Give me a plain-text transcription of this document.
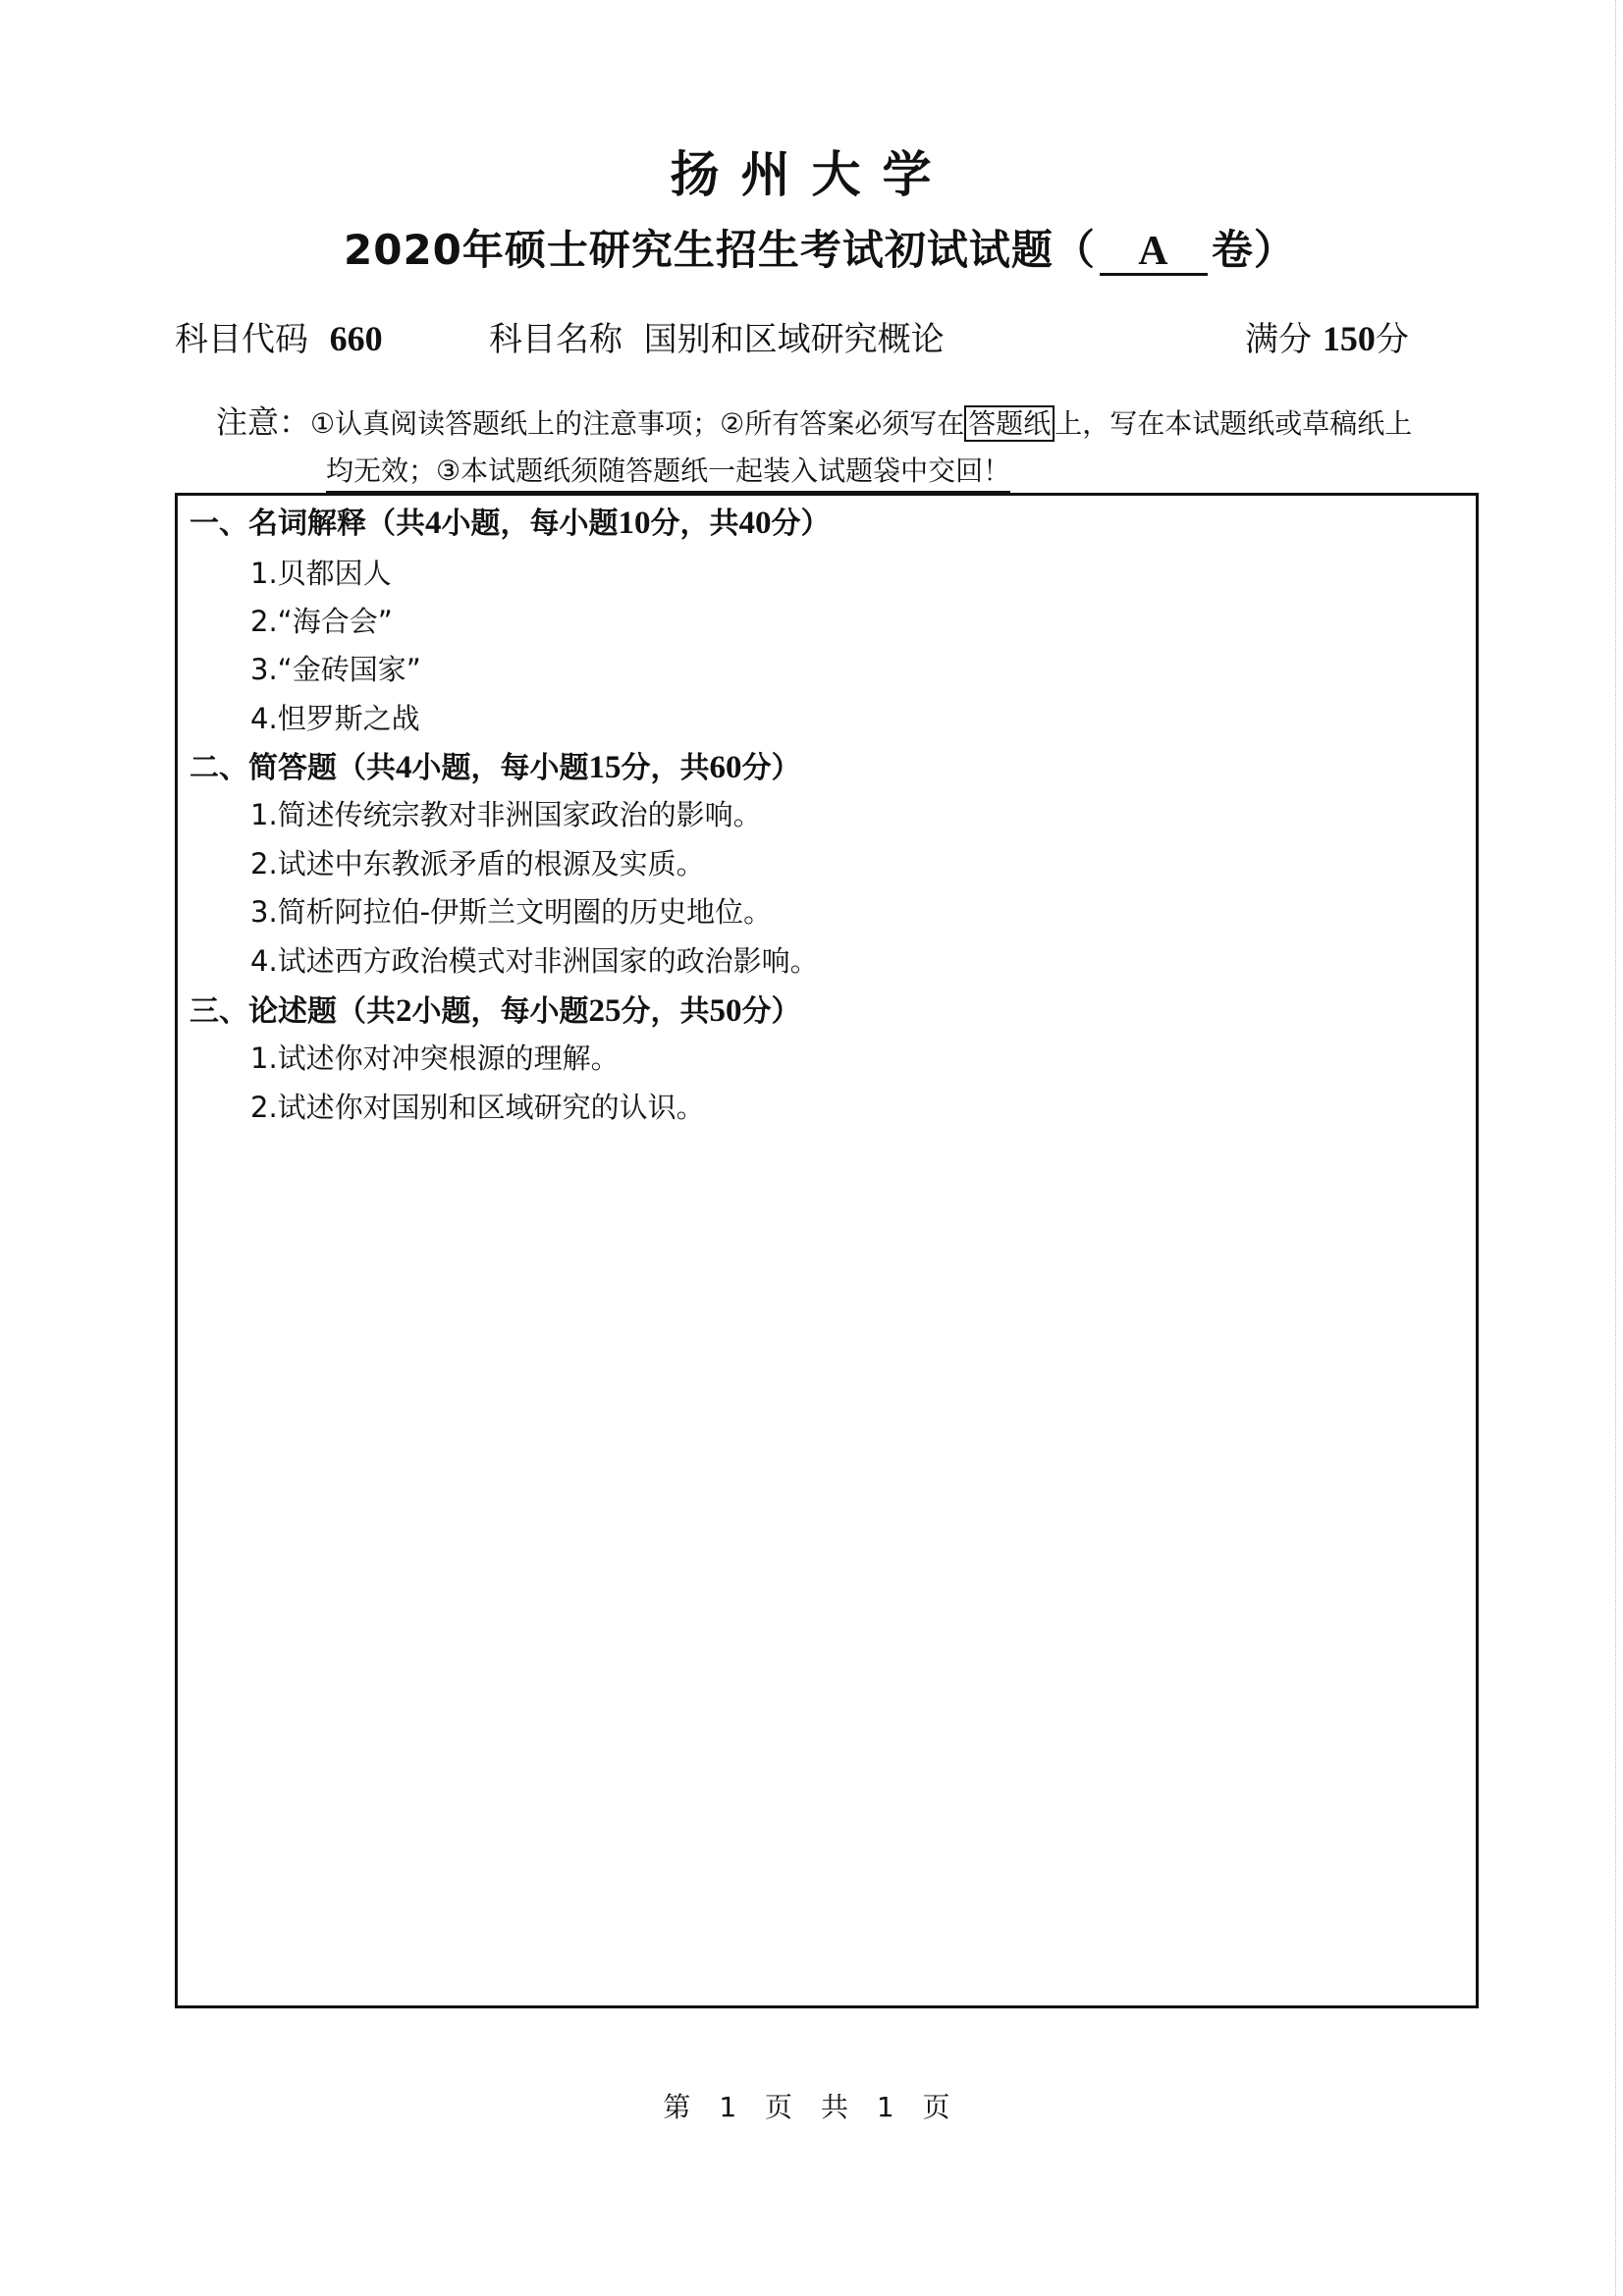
扬州大学
2020年硕士研究生招生考试初试试题（ A 卷）
科目代码 660	科目名称 国别和区域研究概论	满分 150分
注意：①认真阅读答题纸上的注意事项；②所有答案必须写在 答题纸 上，写在本试题纸或草稿纸上
均无效；③本试题纸须随答题纸一起装入试题袋中交回！
一、名词解释（共4小题，每小题10分，共40分）
1.贝都因人
2.“海合会”
3.“金砖国家”
4.怛罗斯之战
二、简答题（共4小题，每小题15分，共60分）
1.简述传统宗教对非洲国家政治的影响。
2.试述中东教派矛盾的根源及实质。
3.简析阿拉伯-伊斯兰文明圈的历史地位。
4.试述西方政治模式对非洲国家的政治影响。
三、论述题（共2小题，每小题25分，共50分）
1.试述你对冲突根源的理解。
2.试述你对国别和区域研究的认识。
第 1 页 共 1 页
